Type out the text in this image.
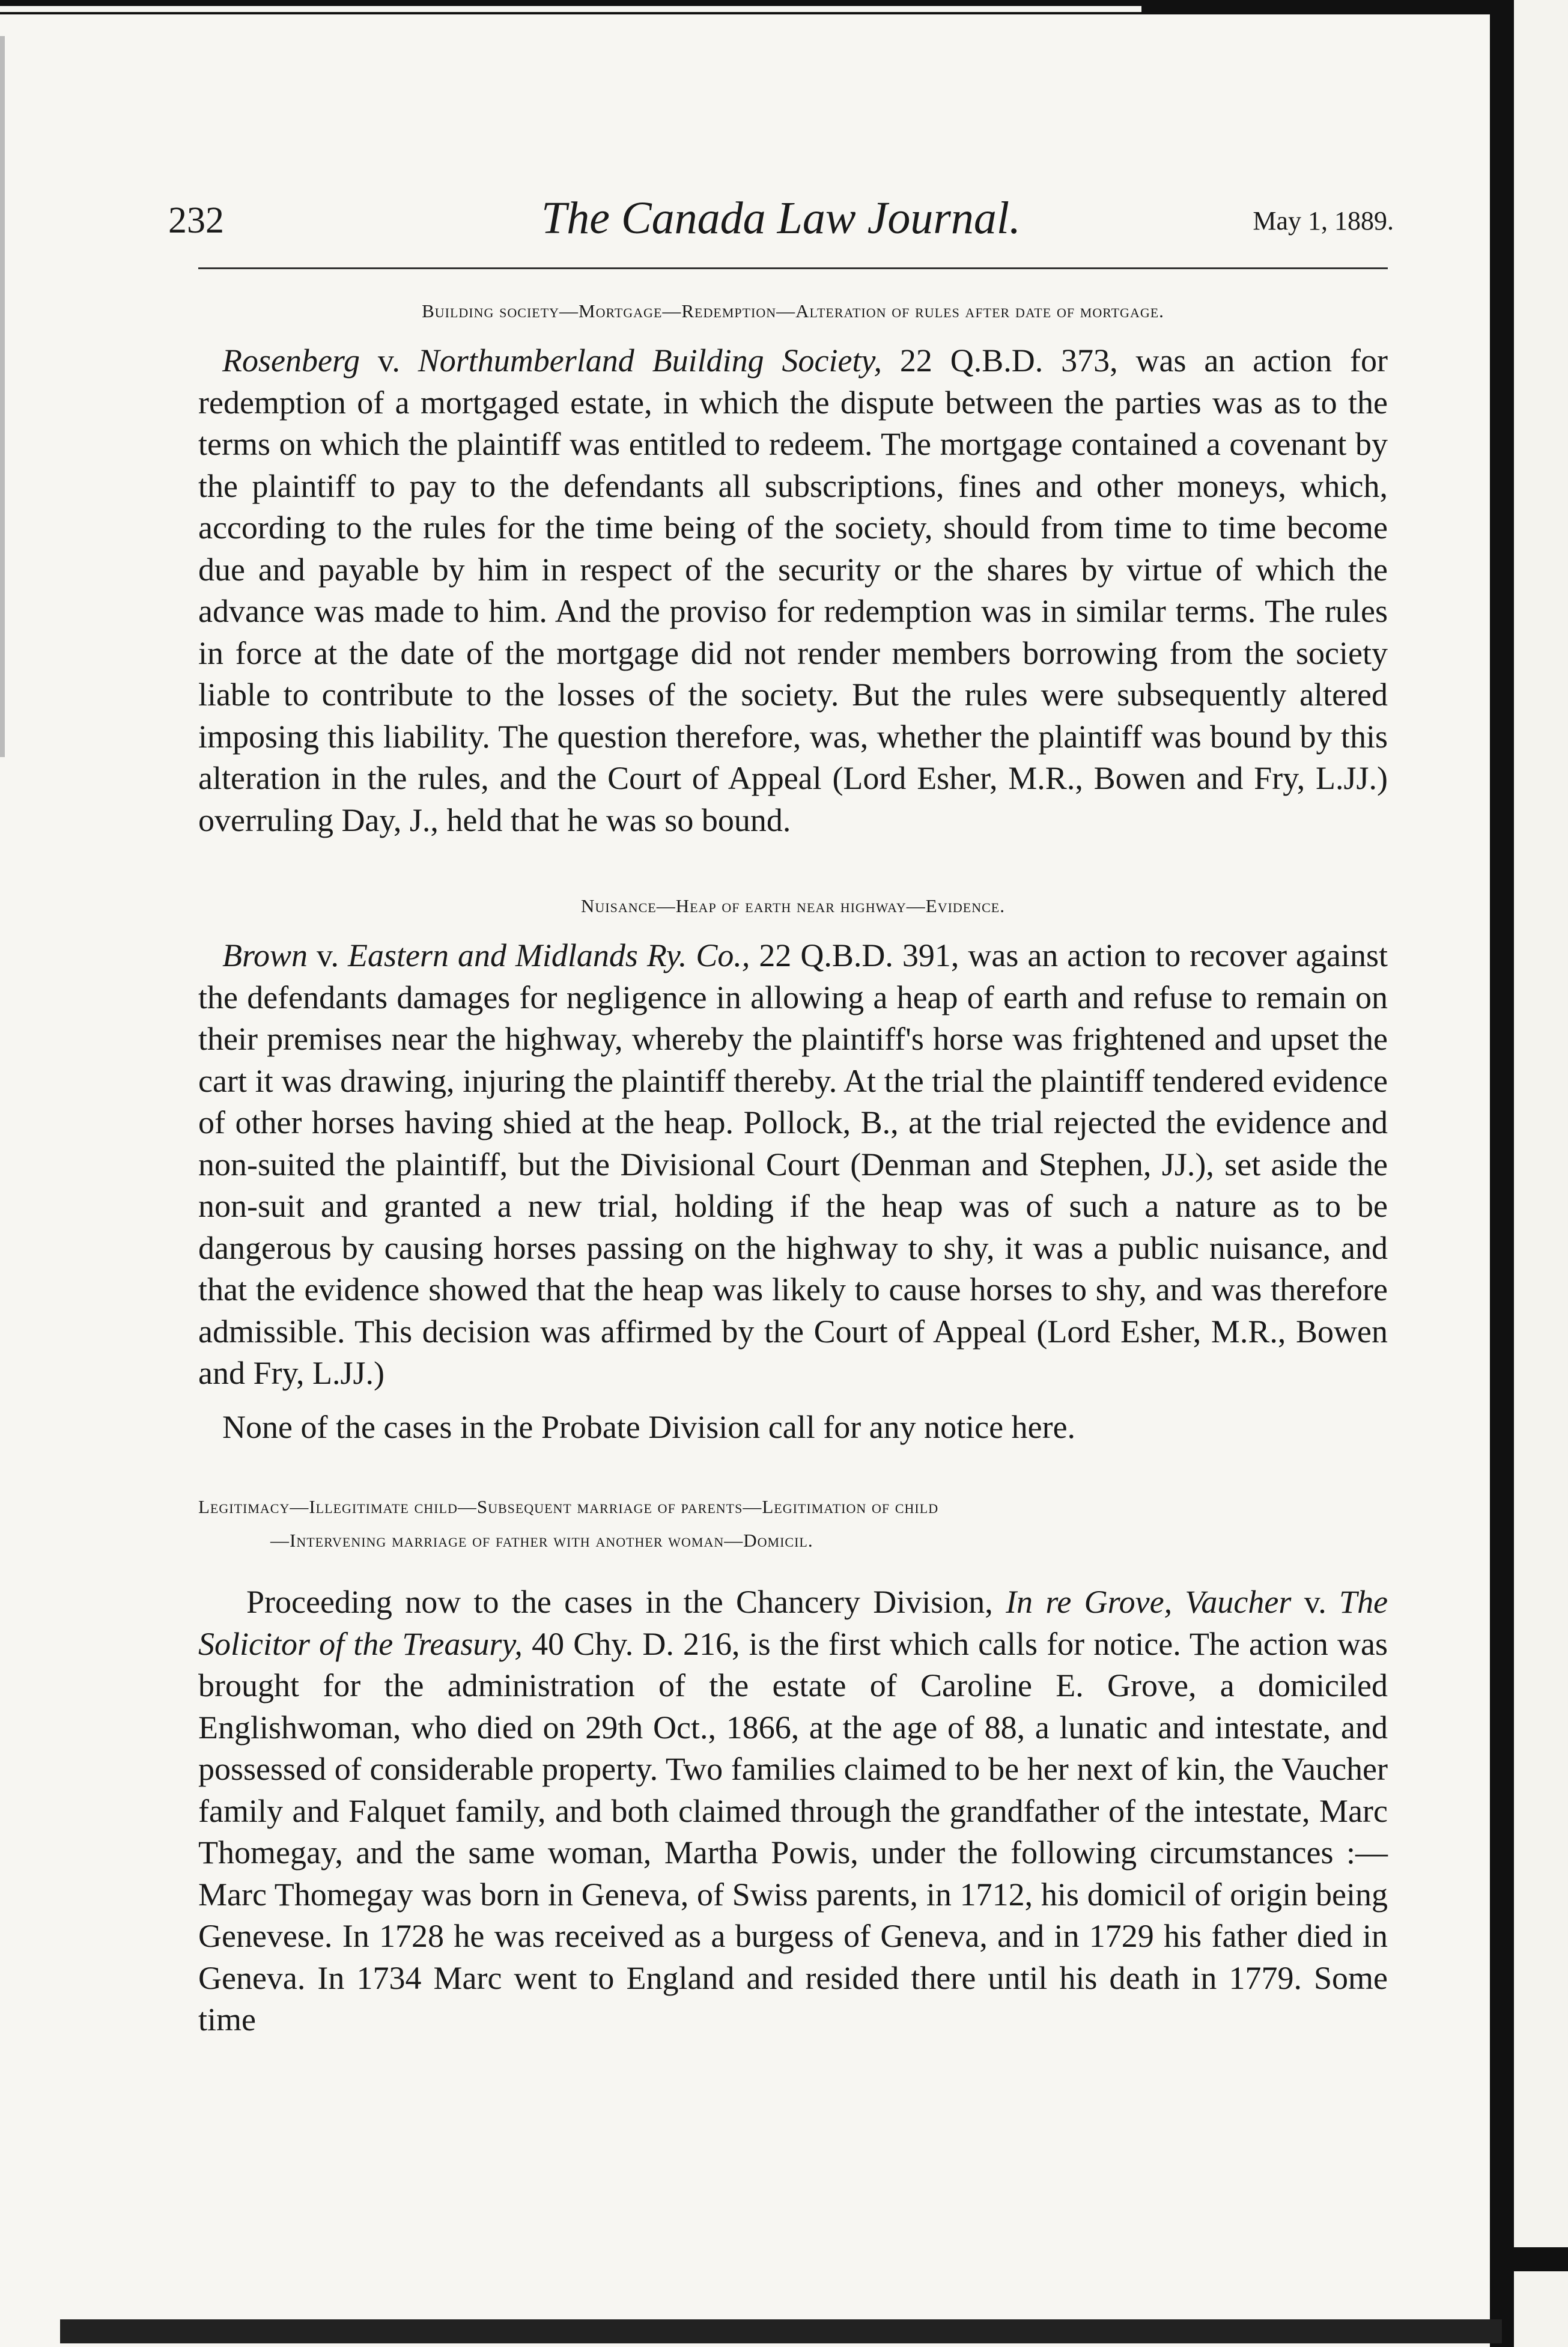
232	The Canada Law Journal.	May 1, 1889.

Building society—Mortgage—Redemption—Alteration of rules after date of mortgage.

Rosenberg v. Northumberland Building Society, 22 Q.B.D. 373, was an action for redemption of a mortgaged estate, in which the dispute between the parties was as to the terms on which the plaintiff was entitled to redeem. The mortgage contained a covenant by the plaintiff to pay to the defendants all subscriptions, fines and other moneys, which, according to the rules for the time being of the society, should from time to time become due and payable by him in respect of the security or the shares by virtue of which the advance was made to him. And the proviso for redemption was in similar terms. The rules in force at the date of the mortgage did not render members borrowing from the society liable to contribute to the losses of the society. But the rules were subsequently altered imposing this liability. The question therefore, was, whether the plaintiff was bound by this alteration in the rules, and the Court of Appeal (Lord Esher, M.R., Bowen and Fry, L.JJ.) overruling Day, J., held that he was so bound.

Nuisance—Heap of earth near highway—Evidence.

Brown v. Eastern and Midlands Ry. Co., 22 Q.B.D. 391, was an action to recover against the defendants damages for negligence in allowing a heap of earth and refuse to remain on their premises near the highway, whereby the plaintiff's horse was frightened and upset the cart it was drawing, injuring the plaintiff thereby. At the trial the plaintiff tendered evidence of other horses having shied at the heap. Pollock, B., at the trial rejected the evidence and non-suited the plaintiff, but the Divisional Court (Denman and Stephen, JJ.), set aside the non-suit and granted a new trial, holding if the heap was of such a nature as to be dangerous by causing horses passing on the highway to shy, it was a public nuisance, and that the evidence showed that the heap was likely to cause horses to shy, and was therefore admissible. This decision was affirmed by the Court of Appeal (Lord Esher, M.R., Bowen and Fry, L.JJ.)

None of the cases in the Probate Division call for any notice here.

Legitimacy—Illegitimate child—Subsequent marriage of parents—Legitimation of child
—Intervening marriage of father with another woman—Domicil.

Proceeding now to the cases in the Chancery Division, In re Grove, Vaucher v. The Solicitor of the Treasury, 40 Chy. D. 216, is the first which calls for notice. The action was brought for the administration of the estate of Caroline E. Grove, a domiciled Englishwoman, who died on 29th Oct., 1866, at the age of 88, a lunatic and intestate, and possessed of considerable property. Two families claimed to be her next of kin, the Vaucher family and Falquet family, and both claimed through the grandfather of the intestate, Marc Thomegay, and the same woman, Martha Powis, under the following circumstances :—Marc Thomegay was born in Geneva, of Swiss parents, in 1712, his domicil of origin being Genevese. In 1728 he was received as a burgess of Geneva, and in 1729 his father died in Geneva. In 1734 Marc went to England and resided there until his death in 1779. Some time
